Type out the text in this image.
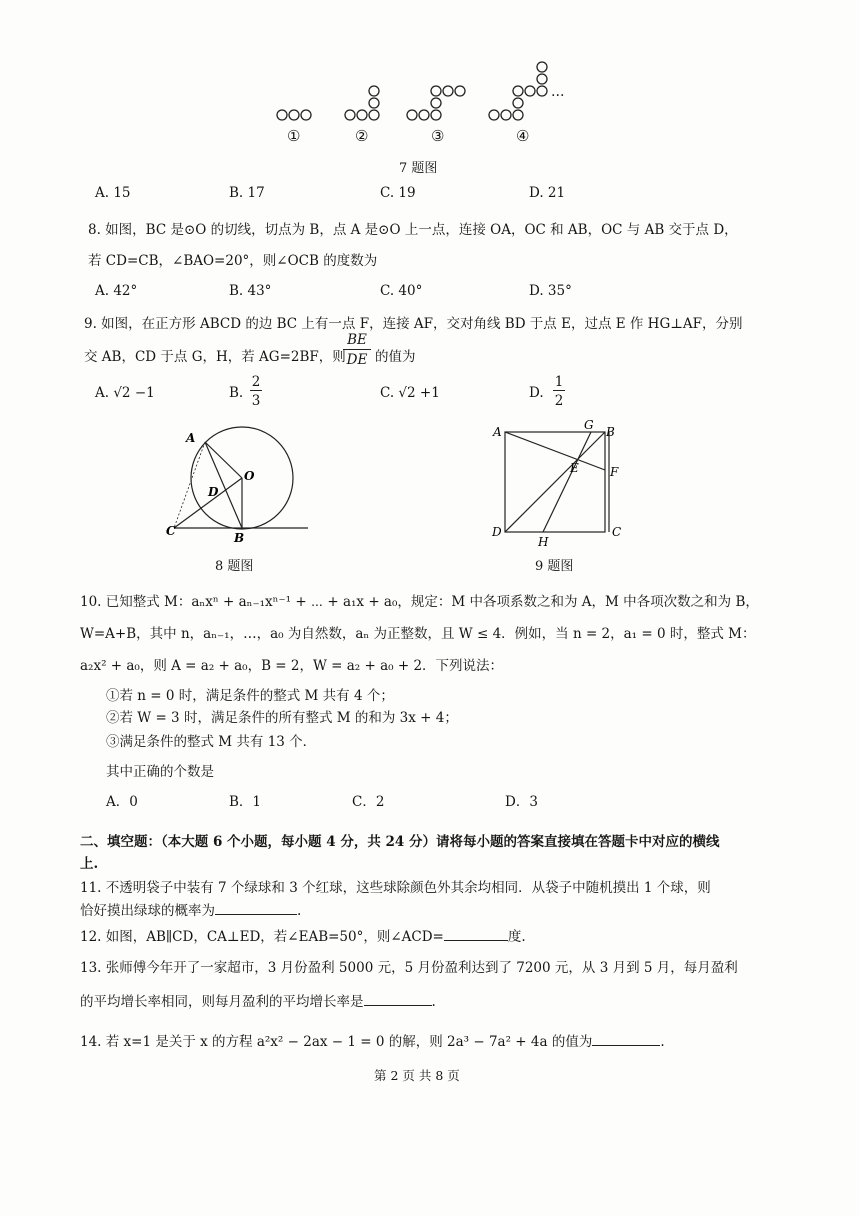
…
①	②	③	④
7 题图
A. 15	B. 17	C. 19	D. 21
8. 如图，BC 是⊙O 的切线，切点为 B，点 A 是⊙O 上一点，连接 OA，OC 和 AB，OC 与 AB 交于点 D，
若 CD=CB，∠BAO=20°，则∠OCB 的度数为
A. 42°	B. 43°	C. 40°	D. 35°
9. 如图，在正方形 ABCD 的边 BC 上有一点 F，连接 AF，交对角线 BD 于点 E，过点 E 作 HG⊥AF，分别
交 AB，CD 于点 G，H，若 AG=2BF，则
BE
DE 的值为
A. √2 −1	B.
2
3	C. √2 +1	D.
1
2
A
O
D
C	B
8 题图
A	G B
E	F
D
H
C
9 题图
10. 已知整式 M：aₙxⁿ + aₙ₋₁xⁿ⁻¹ + ⋯ + a₁x + a₀，规定：M 中各项系数之和为 A，M 中各项次数之和为 B，
W=A+B，其中 n，aₙ₋₁，…，a₀ 为自然数，aₙ 为正整数，且 W ≤ 4．例如，当 n = 2，a₁ = 0 时，整式 M：
a₂x² + a₀，则 A = a₂ + a₀，B = 2，W = a₂ + a₀ + 2．下列说法：
①若 n = 0 时，满足条件的整式 M 共有 4 个；
②若 W = 3 时，满足条件的所有整式 M 的和为 3x + 4；
③满足条件的整式 M 共有 13 个．
其中正确的个数是
A．0	B．1	C．2	D．3
二、填空题：（本大题 6 个小题，每小题 4 分，共 24 分）请将每小题的答案直接填在答题卡中对应的横线
上.
11. 不透明袋子中装有 7 个绿球和 3 个红球，这些球除颜色外其余均相同．从袋子中随机摸出 1 个球，则
恰好摸出绿球的概率为	.
12. 如图，AB∥CD，CA⊥ED，若∠EAB=50°，则∠ACD=	度.
13. 张师傅今年开了一家超市，3 月份盈利 5000 元，5 月份盈利达到了 7200 元，从 3 月到 5 月，每月盈利
的平均增长率相同，则每月盈利的平均增长率是	.
14. 若 x=1 是关于 x 的方程 a²x² − 2ax − 1 = 0 的解，则 2a³ − 7a² + 4a 的值为	.
第 2 页 共 8 页
